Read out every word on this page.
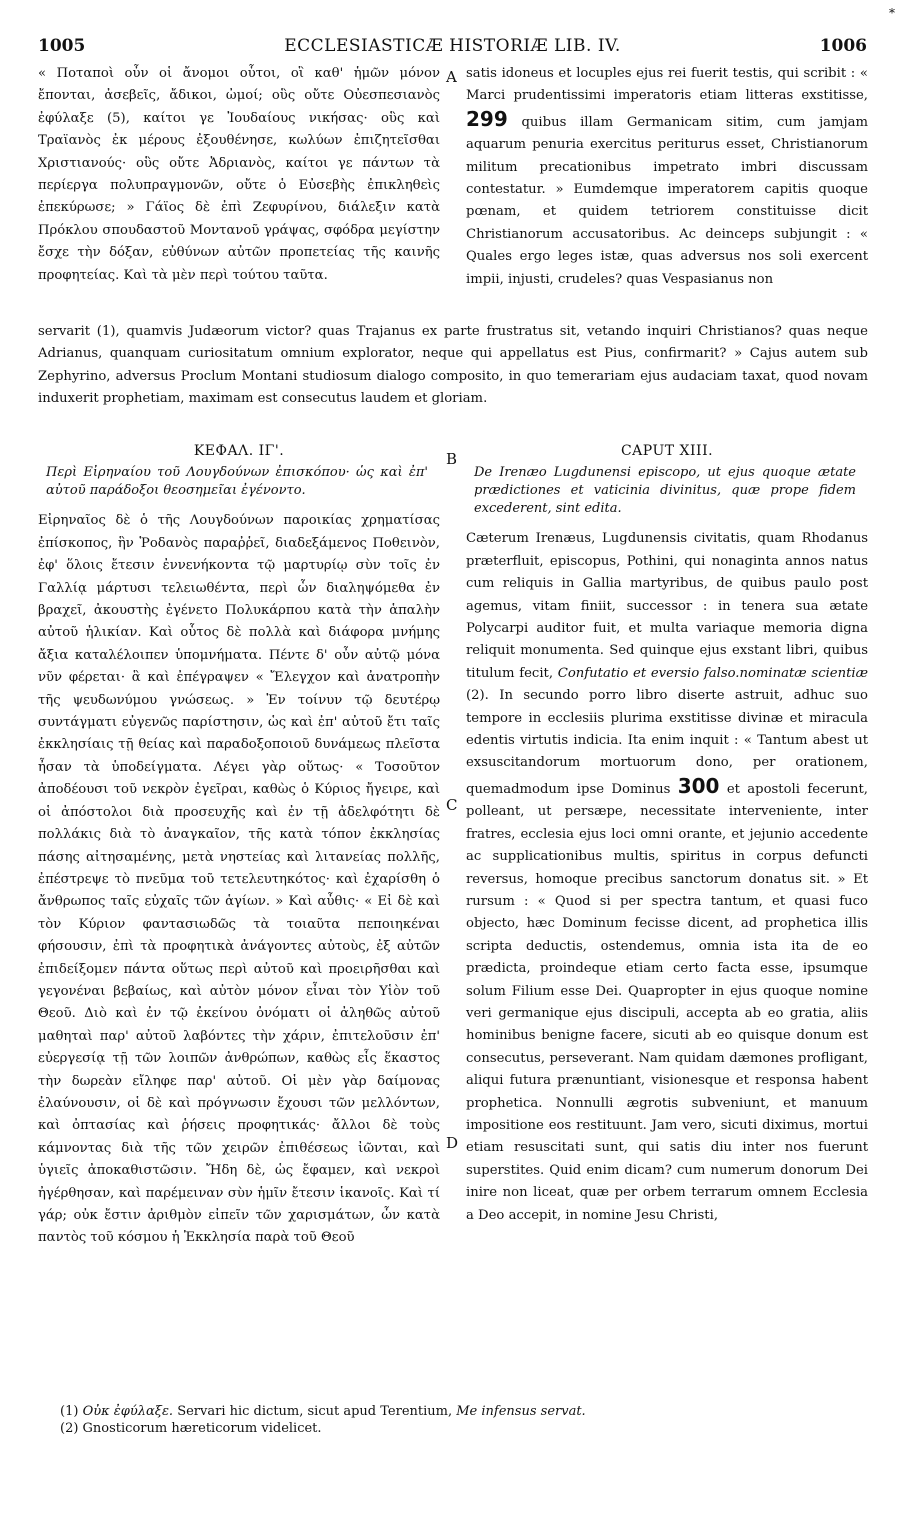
1005	ECCLESIASTICÆ HISTORIÆ LIB. IV.	1006
*
A
B
C
D

« Ποταποὶ οὖν οἱ ἄνομοι οὗτοι, οἳ καθ' ἡμῶν μόνον ἔπονται, ἀσεβεῖς, ἄδικοι, ὠμοί; οὓς οὔτε Οὐεσπεσιανὸς ἐφύλαξε (5), καίτοι γε Ἰουδαίους νικήσας· οὓς καὶ Τραϊανὸς ἐκ μέρους ἐξουθένησε, κωλύων ἐπιζητεῖσθαι Χριστιανούς· οὓς οὔτε Ἀδριανὸς, καίτοι γε πάντων τὰ περίεργα πολυπραγμονῶν, οὔτε ὁ Εὐσεβὴς ἐπικληθεὶς ἐπεκύρωσε; » Γάϊος δὲ ἐπὶ Ζεφυρίνου, διάλεξιν κατὰ Πρόκλου σπουδαστοῦ Μοντανοῦ γράψας, σφόδρα μεγίστην ἔσχε τὴν δόξαν, εὐθύνων αὐτῶν προπετείας τῆς καινῆς προφητείας. Καὶ τὰ μὲν περὶ τούτου ταῦτα.

satis idoneus et locuples ejus rei fuerit testis, qui scribit : « Marci prudentissimi imperatoris etiam litteras exstitisse, 299 quibus illam Germanicam sitim, cum jamjam aquarum penuria exercitus periturus esset, Christianorum militum precationibus impetrato imbri discussam contestatur. » Eumdemque imperatorem capitis quoque pœnam, et quidem tetriorem constituisse dicit Christianorum accusatoribus. Ac deinceps subjungit : « Quales ergo leges istæ, quas adversus nos soli exercent impii, injusti, crudeles? quas Vespasianus non

servarit (1), quamvis Judæorum victor? quas Trajanus ex parte frustratus sit, vetando inquiri Christianos? quas neque Adrianus, quanquam curiositatum omnium explorator, neque qui appellatus est Pius, confirmarit? » Cajus autem sub Zephyrino, adversus Proclum Montani studiosum dialogo composito, in quo temerariam ejus audaciam taxat, quod novam induxerit prophetiam, maximam est consecutus laudem et gloriam.

ΚΕΦΑΛ. ΙΓ'.
Περὶ Εἰρηναίου τοῦ Λουγδούνων ἐπισκόπου· ὡς καὶ ἐπ' αὐτοῦ παράδοξοι θεοσημεῖαι ἐγένοντο.

Εἰρηναῖος δὲ ὁ τῆς Λουγδούνων παροικίας χρηματίσας ἐπίσκοπος, ἣν Ῥοδανὸς παραῤῥεῖ, διαδεξάμενος Ποθεινὸν, ἐφ' ὅλοις ἔτεσιν ἐννενήκοντα τῷ μαρτυρίῳ σὺν τοῖς ἐν Γαλλίᾳ μάρτυσι τελειωθέντα, περὶ ὧν διαληψόμεθα ἐν βραχεῖ, ἀκουστὴς ἐγένετο Πολυκάρπου κατὰ τὴν ἁπαλὴν αὐτοῦ ἡλικίαν. Καὶ οὗτος δὲ πολλὰ καὶ διάφορα μνήμης ἄξια καταλέλοιπεν ὑπομνήματα. Πέντε δ' οὖν αὐτῷ μόνα νῦν φέρεται· ἃ καὶ ἐπέγραψεν « Ἔλεγχον καὶ ἀνατροπὴν τῆς ψευδωνύμου γνώσεως. » Ἐν τοίνυν τῷ δευτέρῳ συντάγματι εὐγενῶς παρίστησιν, ὡς καὶ ἐπ' αὐτοῦ ἔτι ταῖς ἐκκλησίαις τῇ θείας καὶ παραδοξοποιοῦ δυνάμεως πλεῖστα ἦσαν τὰ ὑποδείγματα. Λέγει γὰρ οὕτως· « Τοσοῦτον ἀποδέουσι τοῦ νεκρὸν ἐγεῖραι, καθὼς ὁ Κύριος ἤγειρε, καὶ οἱ ἀπόστολοι διὰ προσευχῆς καὶ ἐν τῇ ἀδελφότητι δὲ πολλάκις διὰ τὸ ἀναγκαῖον, τῆς κατὰ τόπον ἐκκλησίας πάσης αἰτησαμένης, μετὰ νηστείας καὶ λιτανείας πολλῆς, ἐπέστρεψε τὸ πνεῦμα τοῦ τετελευτηκότος· καὶ ἐχαρίσθη ὁ ἄνθρωπος ταῖς εὐχαῖς τῶν ἁγίων. » Καὶ αὖθις· « Εἰ δὲ καὶ τὸν Κύριον φαντασιωδῶς τὰ τοιαῦτα πεποιηκέναι φήσουσιν, ἐπὶ τὰ προφητικὰ ἀνάγοντες αὐτοὺς, ἐξ αὐτῶν ἐπιδείξομεν πάντα οὕτως περὶ αὐτοῦ καὶ προειρῆσθαι καὶ γεγονέναι βεβαίως, καὶ αὐτὸν μόνον εἶναι τὸν Υἱὸν τοῦ Θεοῦ. Διὸ καὶ ἐν τῷ ἐκείνου ὀνόματι οἱ ἀληθῶς αὐτοῦ μαθηταὶ παρ' αὐτοῦ λαβόντες τὴν χάριν, ἐπιτελοῦσιν ἐπ' εὐεργεσίᾳ τῇ τῶν λοιπῶν ἀνθρώπων, καθὼς εἷς ἕκαστος τὴν δωρεὰν εἴληφε παρ' αὐτοῦ. Οἱ μὲν γὰρ δαίμονας ἐλαύνουσιν, οἱ δὲ καὶ πρόγνωσιν ἔχουσι τῶν μελλόντων, καὶ ὀπτασίας καὶ ῥήσεις προφητικάς· ἄλλοι δὲ τοὺς κάμνοντας διὰ τῆς τῶν χειρῶν ἐπιθέσεως ἰῶνται, καὶ ὑγιεῖς ἀποκαθιστῶσιν. Ἤδη δὲ, ὡς ἔφαμεν, καὶ νεκροὶ ἠγέρθησαν, καὶ παρέμειναν σὺν ἡμῖν ἔτεσιν ἱκανοῖς. Καὶ τί γάρ; οὐκ ἔστιν ἀριθμὸν εἰπεῖν τῶν χαρισμάτων, ὧν κατὰ παντὸς τοῦ κόσμου ἡ Ἐκκλησία παρὰ τοῦ Θεοῦ

CAPUT XIII.
De Irenæo Lugdunensi episcopo, ut ejus quoque ætate prædictiones et vaticinia divinitus, quæ prope fidem excederent, sint edita.

Cæterum Irenæus, Lugdunensis civitatis, quam Rhodanus præterfluit, episcopus, Pothini, qui nonaginta annos natus cum reliquis in Gallia martyribus, de quibus paulo post agemus, vitam finiit, successor : in tenera sua ætate Polycarpi auditor fuit, et multa variaque memoria digna reliquit monumenta. Sed quinque ejus exstant libri, quibus titulum fecit, Confutatio et eversio falso.nominatæ scientiæ (2). In secundo porro libro diserte astruit, adhuc suo tempore in ecclesiis plurima exstitisse divinæ et miracula edentis virtutis indicia. Ita enim inquit : « Tantum abest ut exsuscitandorum mortuorum dono, per orationem, quemadmodum ipse Dominus 300 et apostoli fecerunt, polleant, ut persæpe, necessitate interveniente, inter fratres, ecclesia ejus loci omni orante, et jejunio accedente ac supplicationibus multis, spiritus in corpus defuncti reversus, homoque precibus sanctorum donatus sit. » Et rursum : « Quod si per spectra tantum, et quasi fuco objecto, hæc Dominum fecisse dicent, ad prophetica illis scripta deductis, ostendemus, omnia ista ita de eo prædicta, proindeque etiam certo facta esse, ipsumque solum Filium esse Dei. Quapropter in ejus quoque nomine veri germanique ejus discipuli, accepta ab eo gratia, aliis hominibus benigne facere, sicuti ab eo quisque donum est consecutus, perseverant. Nam quidam dæmones profligant, aliqui futura prænuntiant, visionesque et responsa habent prophetica. Nonnulli ægrotis subveniunt, et manuum impositione eos restituunt. Jam vero, sicuti diximus, mortui etiam resuscitati sunt, qui satis diu inter nos fuerunt superstites. Quid enim dicam? cum numerum donorum Dei inire non liceat, quæ per orbem terrarum omnem Ecclesia a Deo accepit, in nomine Jesu Christi,

(1) Οὐκ ἐφύλαξε. Servari hic dictum, sicut apud Terentium, Me infensus servat.

(2) Gnosticorum hæreticorum videlicet.
